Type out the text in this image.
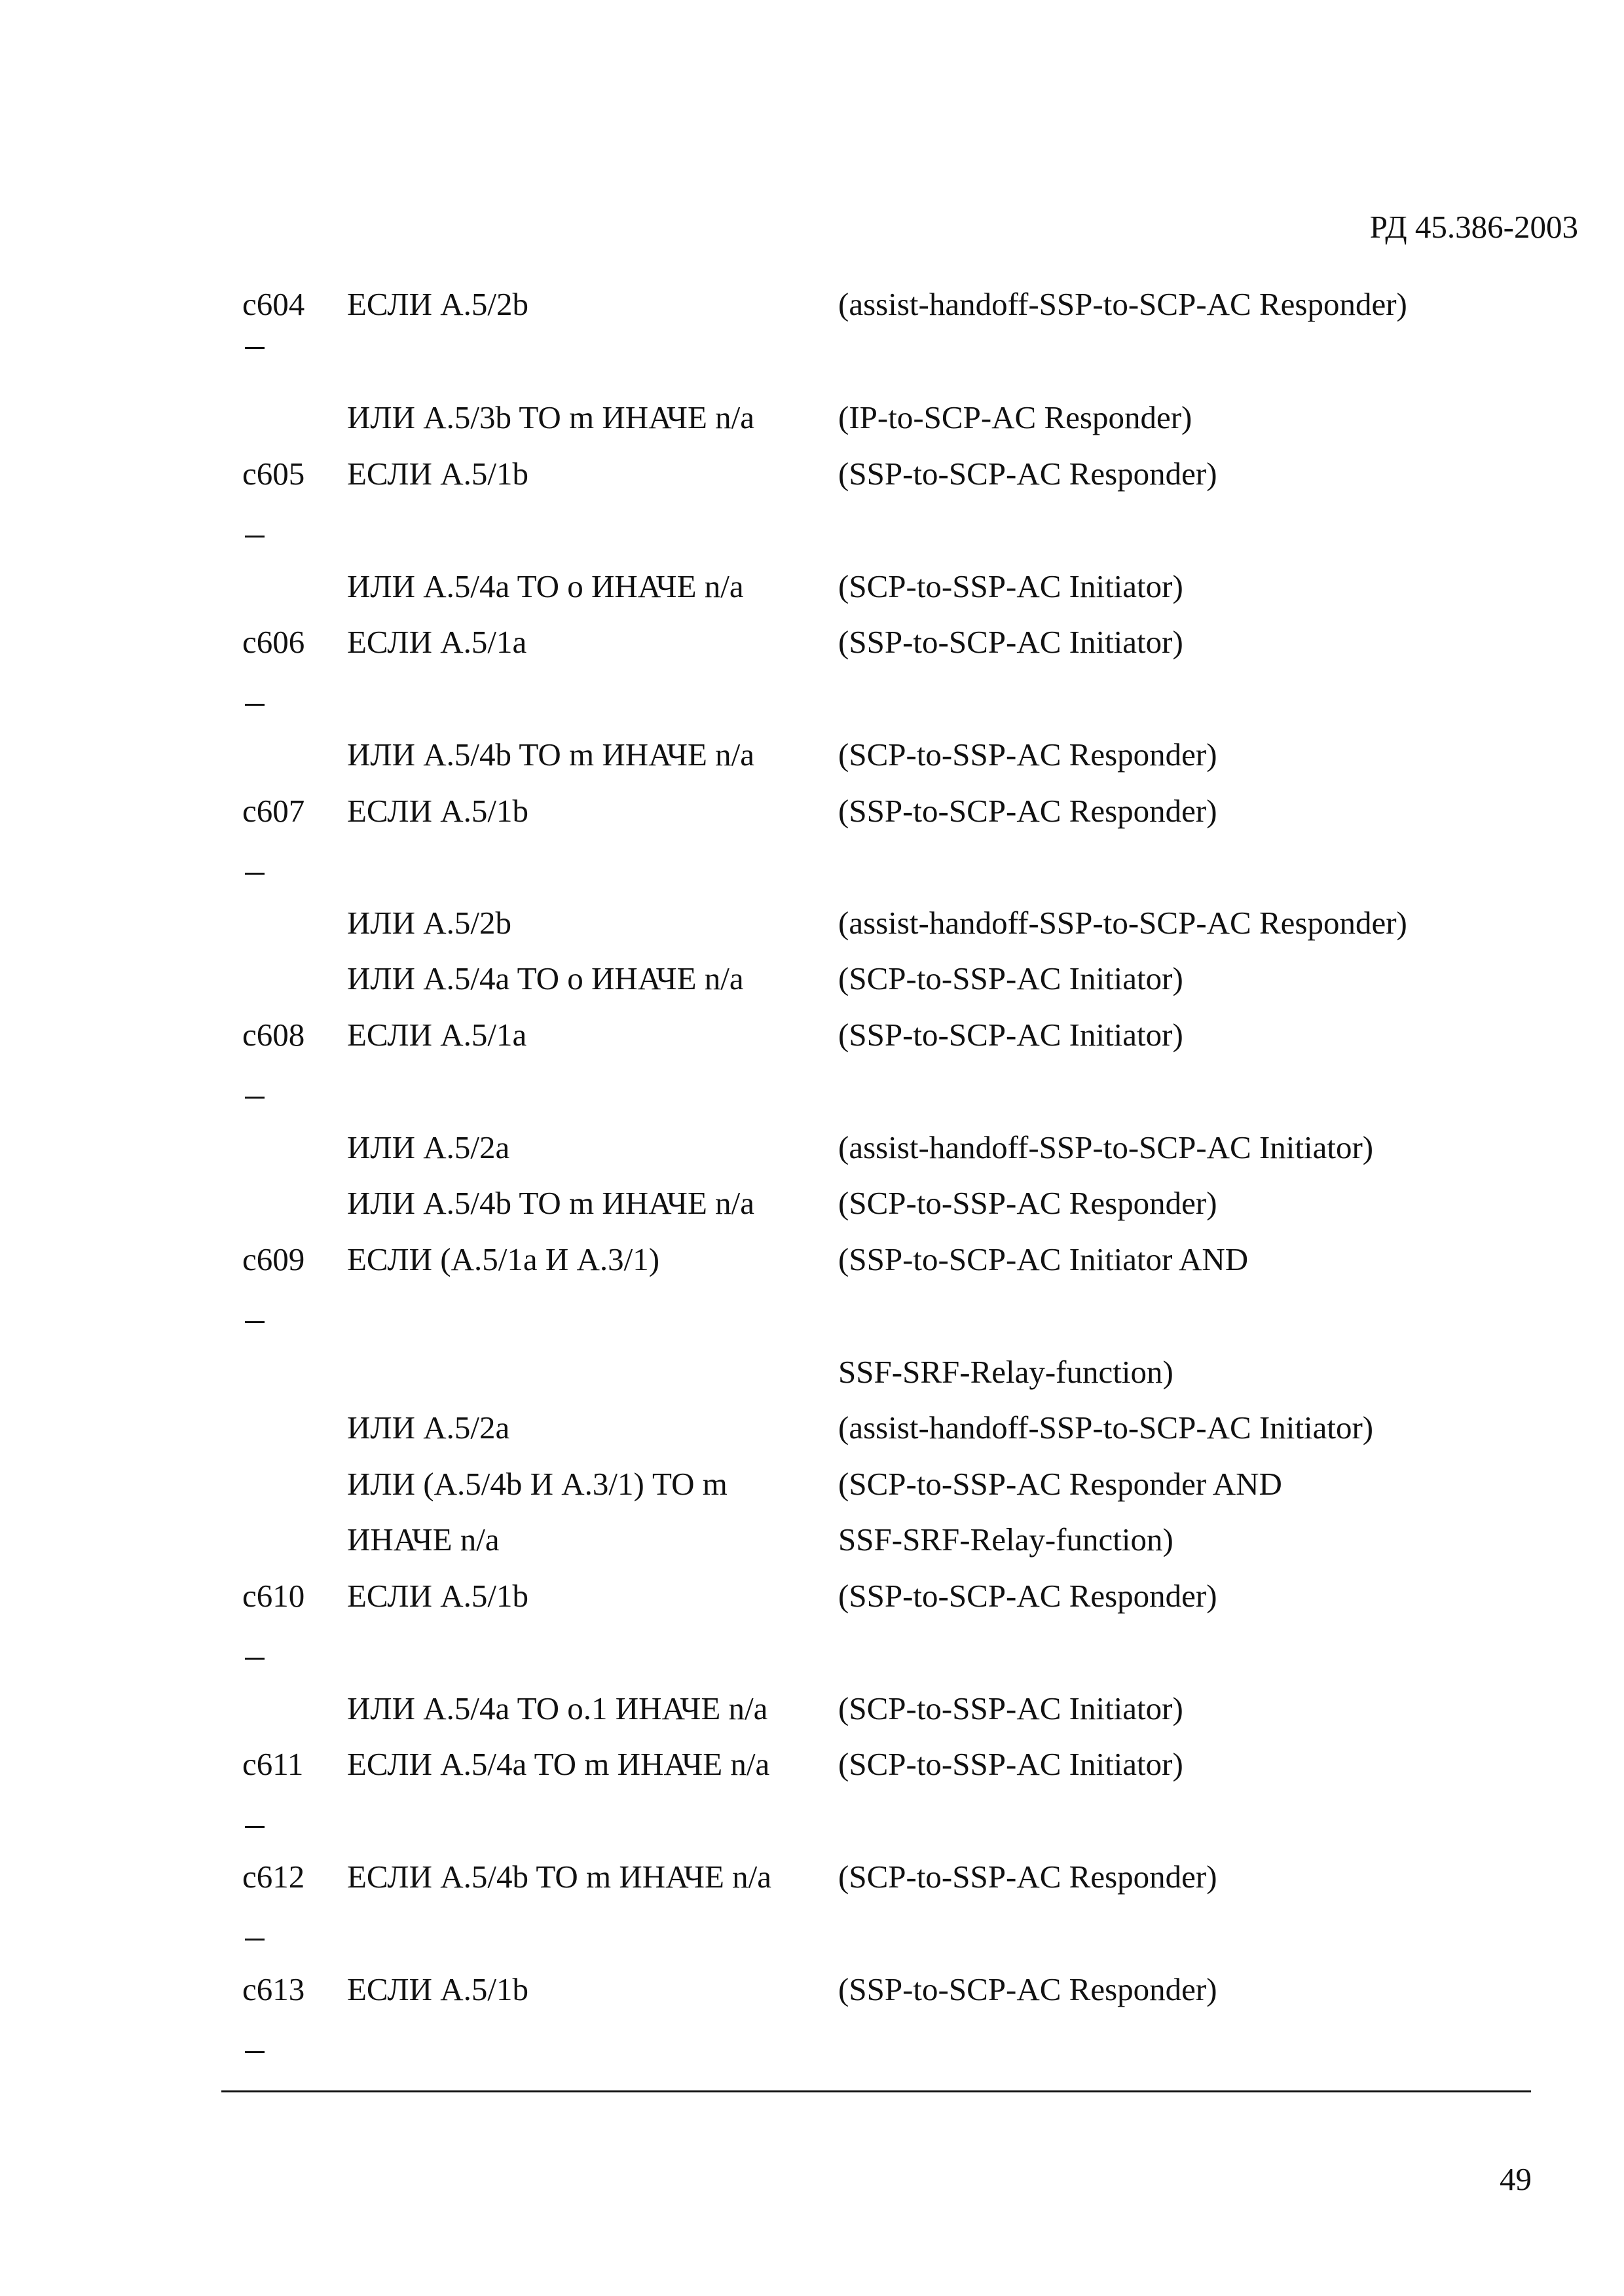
РД 45.386-2003
c604 ЕСЛИ A.5/2b	(assist-handoff-SSP-to-SCP-AC Responder)
ИЛИ A.5/3b TO m ИНАЧЕ n/a	(IP-to-SCP-AC Responder)
c605 ЕСЛИ A.5/1b	(SSP-to-SCP-AC Responder)
ИЛИ A.5/4a TO o ИНАЧЕ n/a	(SCP-to-SSP-AC Initiator)
c606 ЕСЛИ A.5/1a	(SSP-to-SCP-AC Initiator)
ИЛИ A.5/4b TO m ИНАЧЕ n/a	(SCP-to-SSP-AC Responder)
c607 ЕСЛИ A.5/1b	(SSP-to-SCP-AC Responder)
ИЛИ A.5/2b	(assist-handoff-SSP-to-SCP-AC Responder)
ИЛИ A.5/4a TO o ИНАЧЕ n/a	(SCP-to-SSP-AC Initiator)
c608 ЕСЛИ A.5/1a	(SSP-to-SCP-AC Initiator)
ИЛИ A.5/2a	(assist-handoff-SSP-to-SCP-AC Initiator)
ИЛИ A.5/4b TO m ИНАЧЕ n/a	(SCP-to-SSP-AC Responder)
c609 ЕСЛИ (A.5/1a И A.3/1)	(SSP-to-SCP-AC Initiator AND
SSF-SRF-Relay-function)
ИЛИ A.5/2a	(assist-handoff-SSP-to-SCP-AC Initiator)
ИЛИ (A.5/4b И A.3/1) TO m	(SCP-to-SSP-AC Responder AND
ИНАЧЕ n/a	SSF-SRF-Relay-function)
c610 ЕСЛИ A.5/1b	(SSP-to-SCP-AC Responder)
ИЛИ A.5/4a TO o.1 ИНАЧЕ n/a (SCP-to-SSP-AC Initiator)
c611 ЕСЛИ A.5/4a TO m ИНАЧЕ n/a (SCP-to-SSP-AC Initiator)
c612 ЕСЛИ A.5/4b TO m ИНАЧЕ n/a (SCP-to-SSP-AC Responder)
c613 ЕСЛИ A.5/1b	(SSP-to-SCP-AC Responder)
49
